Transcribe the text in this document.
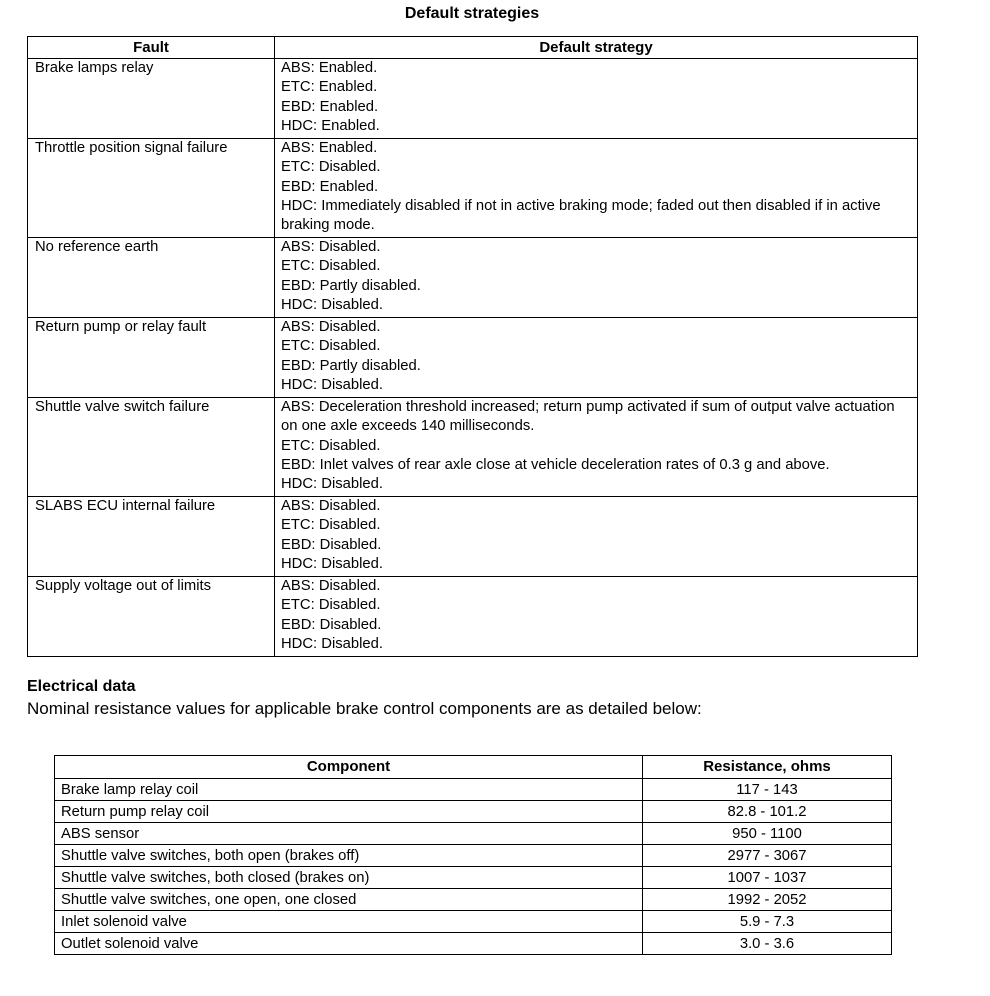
Default strategies
Fault	Default strategy
Brake lamps relay	ABS: Enabled.
ETC: Enabled.
EBD: Enabled.
HDC: Enabled.

Throttle position signal failure	ABS: Enabled.
ETC: Disabled.
EBD: Enabled.
HDC: Immediately disabled if not in active braking mode; faded out then disabled if in active braking mode.

No reference earth	ABS: Disabled.
ETC: Disabled.
EBD: Partly disabled.
HDC: Disabled.

Return pump or relay fault	ABS: Disabled.
ETC: Disabled.
EBD: Partly disabled.
HDC: Disabled.

Shuttle valve switch failure	ABS: Deceleration threshold increased; return pump activated if sum of output valve actuation on one axle exceeds 140 milliseconds.
ETC: Disabled.
EBD: Inlet valves of rear axle close at vehicle deceleration rates of 0.3 g and above.
HDC: Disabled.

SLABS ECU internal failure	ABS: Disabled.
ETC: Disabled.
EBD: Disabled.
HDC: Disabled.

Supply voltage out of limits	ABS: Disabled.
ETC: Disabled.
EBD: Disabled.
HDC: Disabled.
Electrical data
Nominal resistance values for applicable brake control components are as detailed below:
Component	Resistance, ohms
Brake lamp relay coil	117 - 143
Return pump relay coil	82.8 - 101.2
ABS sensor	950 - 1100
Shuttle valve switches, both open (brakes off)	2977 - 3067
Shuttle valve switches, both closed (brakes on)	1007 - 1037
Shuttle valve switches, one open, one closed	1992 - 2052
Inlet solenoid valve	5.9 - 7.3
Outlet solenoid valve	3.0 - 3.6
